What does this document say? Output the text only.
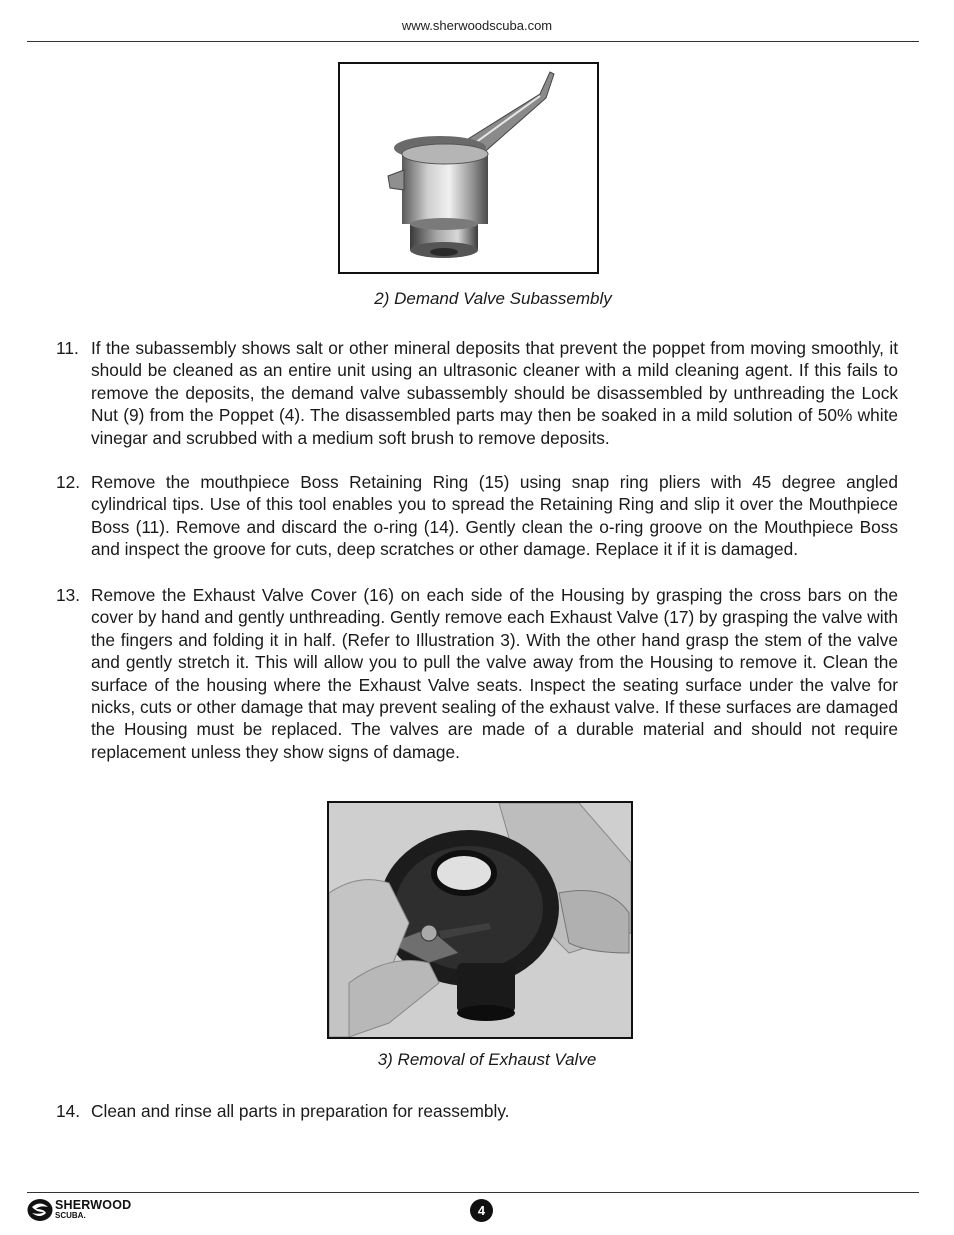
www.sherwoodscuba.com
2) Demand Valve Subassembly
11. If the subassembly shows salt or other mineral deposits that prevent the poppet from moving smoothly, it should be cleaned as an entire unit using an ultrasonic cleaner with a mild cleaning agent. If this fails to remove the deposits, the demand valve subassembly should be disassembled by unthreading the Lock Nut (9) from the Poppet (4). The disassembled parts may then be soaked in a mild solution of 50% white vinegar and scrubbed with a medium soft brush to remove deposits.
12. Remove the mouthpiece Boss Retaining Ring (15) using snap ring pliers with 45 degree angled cylindrical tips. Use of this tool enables you to spread the Retaining Ring and slip it over the Mouthpiece Boss (11). Remove and discard the o-ring (14). Gently clean the o-ring groove on the Mouthpiece Boss and inspect the groove for cuts, deep scratches or other damage. Replace it if it is damaged.
13. Remove the Exhaust Valve Cover (16) on each side of the Housing by grasping the cross bars on the cover by hand and gently unthreading. Gently remove each Exhaust Valve (17) by grasping the valve with the fingers and folding it in half. (Refer to Illustration 3). With the other hand grasp the stem of the valve and gently stretch it. This will allow you to pull the valve away from the Housing to remove it. Clean the surface of the housing where the Exhaust Valve seats. Inspect the seating surface under the valve for nicks, cuts or other damage that may prevent sealing of the exhaust valve. If these surfaces are damaged the Housing must be replaced. The valves are made of a durable material and should not require replacement unless they show signs of damage.
3) Removal of Exhaust Valve
14. Clean and rinse all parts in preparation for reassembly.
SHERWOOD
SCUBA.	4
